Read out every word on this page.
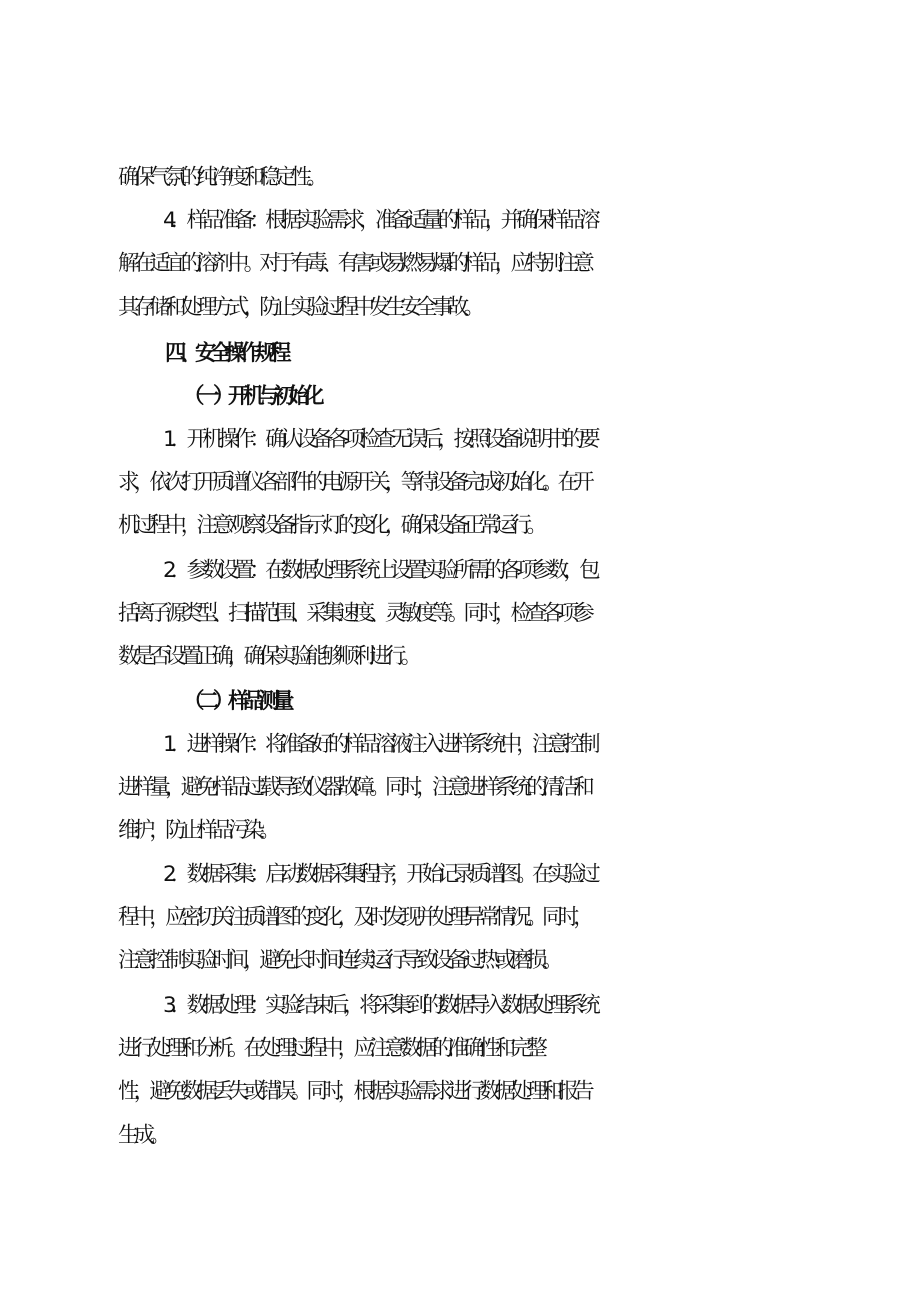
确保气氛的纯净度和稳定性。
4．样品准备：根据实验需求，准备适量的样品，并确保样品溶
解在适宜的溶剂中。对于有毒、有害或易燃易爆的样品，应特别注意
其存储和处理方式，防止实验过程中发生安全事故。
四、安全操作规程
（一）开机与初始化
1．开机操作：确认设备各项检查无误后，按照设备说明书的要
求，依次打开质谱仪各部件的电源开关，等待设备完成初始化。在开
机过程中，注意观察设备指示灯的变化，确保设备正常运行。
2．参数设置：在数据处理系统上设置实验所需的各项参数，包
括离子源类型、扫描范围、采集速度、灵敏度等。同时，检查各项参
数是否设置正确，确保实验能够顺利进行。
（二）样品测量
1．进样操作：将准备好的样品溶液注入进样系统中，注意控制
进样量，避免样品过载导致仪器故障。同时，注意进样系统的清洁和
维护，防止样品污染。
2．数据采集：启动数据采集程序，开始记录质谱图。在实验过
程中，应密切关注质谱图的变化，及时发现并处理异常情况。同时，
注意控制实验时间，避免长时间连续运行导致设备过热或磨损。
3．数据处理：实验结束后，将采集到的数据导入数据处理系统
进行处理和分析。在处理过程中，应注意数据的准确性和完整
性，避免数据丢失或错误。同时，根据实验需求进行数据处理和报告
生成。
